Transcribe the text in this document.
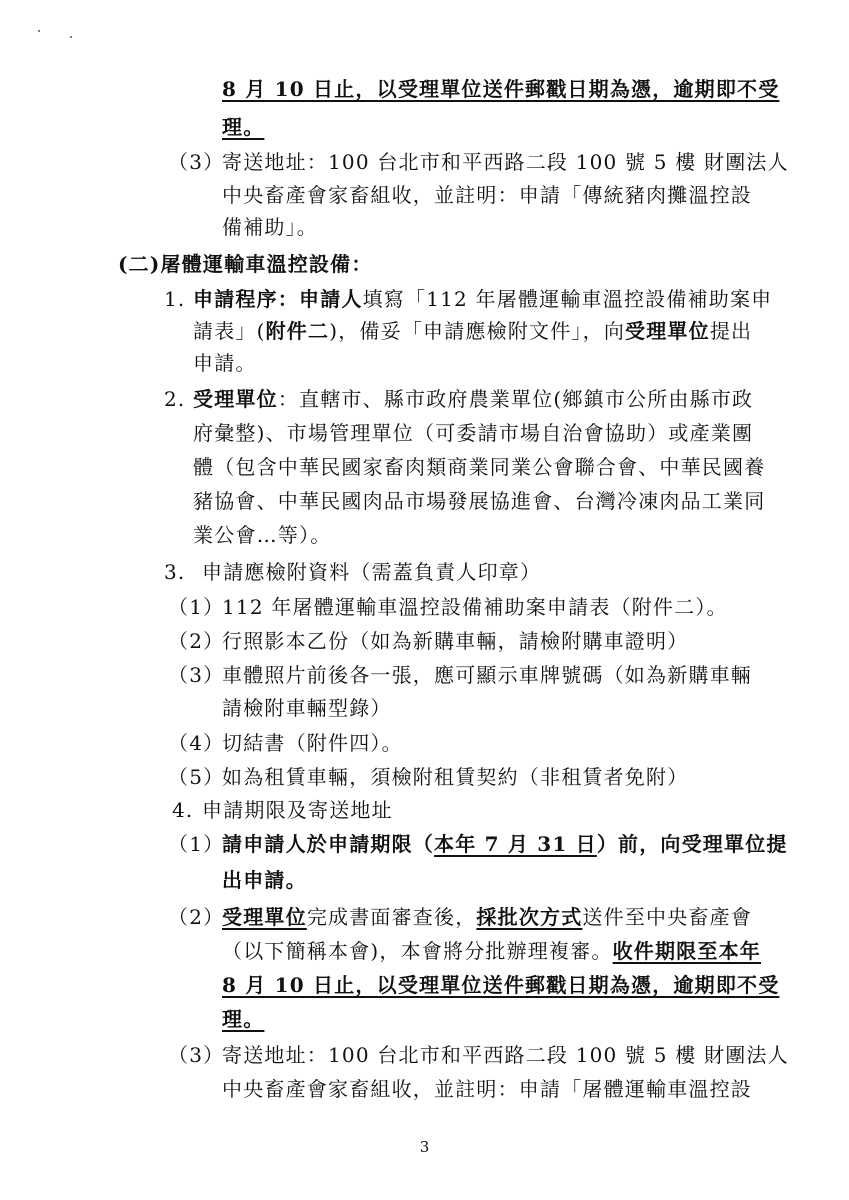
8 月 10 日止，以受理單位送件郵戳日期為憑，逾期即不受
理。
（3）
寄送地址：100 台北市和平西路二段 100 號 5 樓 財團法人
中央畜產會家畜組收，並註明：申請「傳統豬肉攤溫控設
備補助」。
(二)屠體運輸車溫控設備：
1. 申請程序：申請人填寫「112 年屠體運輸車溫控設備補助案申
請表」(附件二)，備妥「申請應檢附文件」，向受理單位提出
申請。
2. 受理單位：直轄市、縣市政府農業單位(鄉鎮市公所由縣市政
府彙整)、市場管理單位（可委請市場自治會協助）或產業團
體（包含中華民國家畜肉類商業同業公會聯合會、中華民國養
豬協會、中華民國肉品市場發展協進會、台灣冷凍肉品工業同
業公會…等）。
3. 申請應檢附資料（需蓋負責人印章）
（1）
112 年屠體運輸車溫控設備補助案申請表（附件二）。
（2）
行照影本乙份（如為新購車輛，請檢附購車證明）
（3）
車體照片前後各一張，應可顯示車牌號碼（如為新購車輛
請檢附車輛型錄）
（4）
切結書（附件四）。
（5）
如為租賃車輛，須檢附租賃契約（非租賃者免附）
4. 申請期限及寄送地址
（1）
請申請人於申請期限（本年 7 月 31 日）前，向受理單位提
出申請。
（2）
受理單位完成書面審查後，採批次方式送件至中央畜產會
（以下簡稱本會)，本會將分批辦理複審。收件期限至本年
8 月 10 日止，以受理單位送件郵戳日期為憑，逾期即不受
理。
（3）
寄送地址：100 台北市和平西路二段 100 號 5 樓 財團法人
中央畜產會家畜組收，並註明：申請「屠體運輸車溫控設
3
